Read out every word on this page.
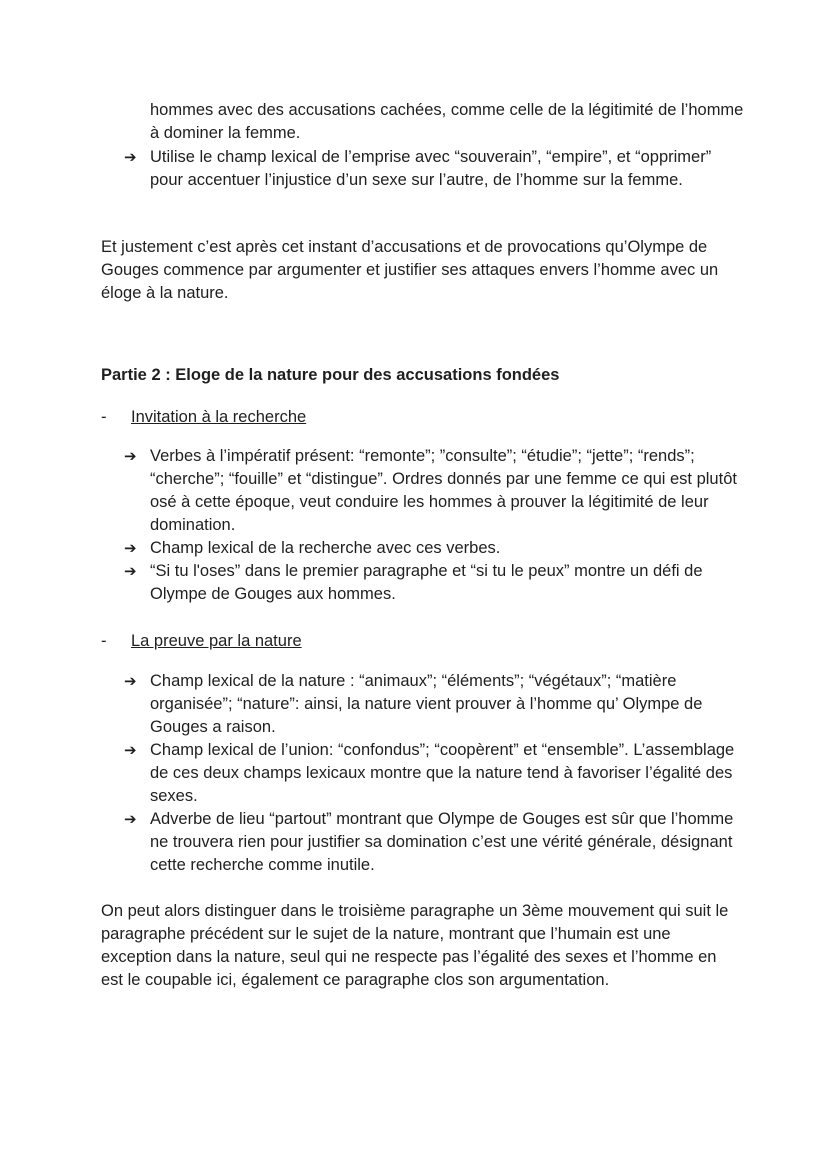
hommes avec des accusations cachées, comme celle de la légitimité de l’homme à dominer la femme.

➔ Utilise le champ lexical de l’emprise avec “souverain”, “empire”, et “opprimer” pour accentuer l’injustice d’un sexe sur l’autre, de l’homme sur la femme.

Et justement c’est après cet instant d’accusations et de provocations qu’Olympe de Gouges commence par argumenter et justifier ses attaques envers l’homme avec un éloge à la nature.

Partie 2 : Eloge de la nature pour des accusations fondées
- Invitation à la recherche
➔ Verbes à l’impératif présent: “remonte”; ”consulte”; “étudie”; “jette”; “rends”; “cherche”; “fouille” et “distingue”. Ordres donnés par une femme ce qui est plutôt osé à cette époque, veut conduire les hommes à prouver la légitimité de leur domination.
➔ Champ lexical de la recherche avec ces verbes.
➔ “Si tu l'oses” dans le premier paragraphe et “si tu le peux” montre un défi de Olympe de Gouges aux hommes.
- La preuve par la nature
➔ Champ lexical de la nature : “animaux”; “éléments”; “végétaux”; “matière organisée”; “nature”: ainsi, la nature vient prouver à l’homme qu’ Olympe de Gouges a raison.
➔ Champ lexical de l’union: “confondus”; “coopèrent” et “ensemble”. L’assemblage de ces deux champs lexicaux montre que la nature tend à favoriser l’égalité des sexes.
➔ Adverbe de lieu “partout” montrant que Olympe de Gouges est sûr que l’homme ne trouvera rien pour justifier sa domination c’est une vérité générale, désignant cette recherche comme inutile.

On peut alors distinguer dans le troisième paragraphe un 3ème mouvement qui suit le paragraphe précédent sur le sujet de la nature, montrant que l’humain est une exception dans la nature, seul qui ne respecte pas l’égalité des sexes et l’homme en est le coupable ici, également ce paragraphe clos son argumentation.
